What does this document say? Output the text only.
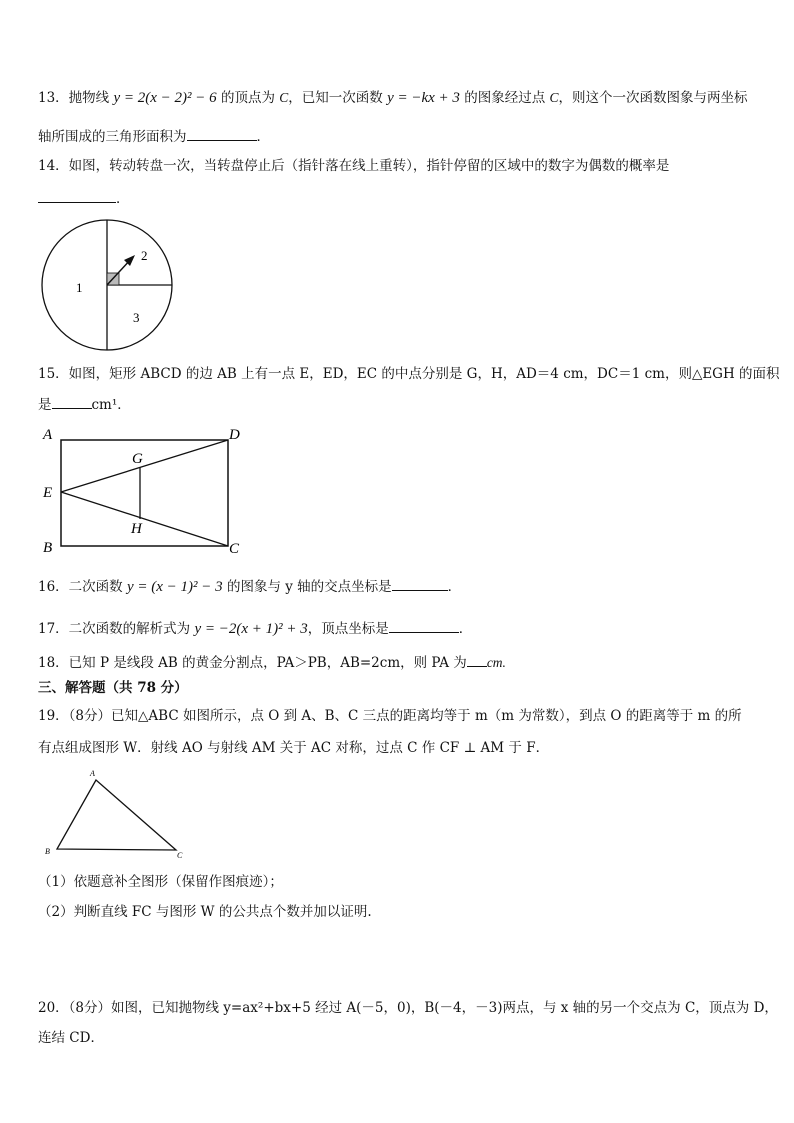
13．抛物线 y = 2(x − 2)² − 6 的顶点为 C，已知一次函数 y = −kx + 3 的图象经过点 C，则这个一次函数图象与两坐标
轴所围成的三角形面积为	．
14．如图，转动转盘一次，当转盘停止后（指针落在线上重转），指针停留的区域中的数字为偶数的概率是
．
1
2
3
15．如图，矩形 ABCD 的边 AB 上有一点 E，ED，EC 的中点分别是 G，H，AD＝4 cm，DC＝1 cm，则△EGH 的面积
是	cm¹．
A	D
G
E
H
B	C
16．二次函数 y = (x − 1)² − 3 的图象与 y 轴的交点坐标是	．
17．二次函数的解析式为 y = −2(x + 1)² + 3，顶点坐标是	．
18．已知 P 是线段 AB 的黄金分割点，PA＞PB，AB=2cm，则 PA 为 cm.
三、解答题（共 78 分）
19．（8分）已知△ABC 如图所示，点 O 到 A、B、C 三点的距离均等于 m（m 为常数），到点 O 的距离等于 m 的所
有点组成图形 W．射线 AO 与射线 AM 关于 AC 对称，过点 C 作 CF ⊥ AM 于 F．
A
B	C
（1）依题意补全图形（保留作图痕迹）；
（2）判断直线 FC 与图形 W 的公共点个数并加以证明.
20．（8分）如图，已知抛物线 y=ax²+bx+5 经过 A(－5，0)，B(－4，－3)两点，与 x 轴的另一个交点为 C，顶点为 D，
连结 CD．
